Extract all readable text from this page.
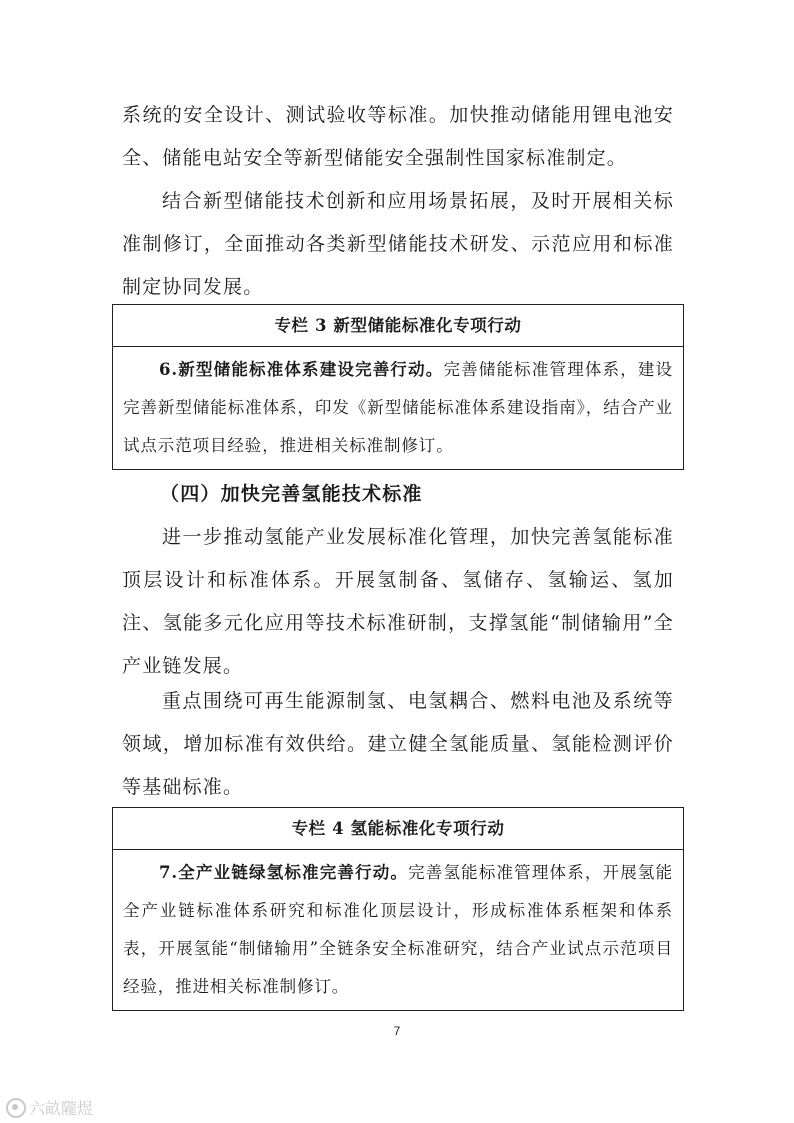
系统的安全设计、测试验收等标准。加快推动储能用锂电池安全、储能电站安全等新型储能安全强制性国家标准制定。

结合新型储能技术创新和应用场景拓展，及时开展相关标准制修订，全面推动各类新型储能技术研发、示范应用和标准制定协同发展。

专栏 3 新型储能标准化专项行动
6.新型储能标准体系建设完善行动。完善储能标准管理体系，建设完善新型储能标准体系，印发《新型储能标准体系建设指南》，结合产业试点示范项目经验，推进相关标准制修订。

（四）加快完善氢能技术标准

进一步推动氢能产业发展标准化管理，加快完善氢能标准顶层设计和标准体系。开展氢制备、氢储存、氢输运、氢加注、氢能多元化应用等技术标准研制，支撑氢能“制储输用”全产业链发展。

重点围绕可再生能源制氢、电氢耦合、燃料电池及系统等领域，增加标准有效供给。建立健全氢能质量、氢能检测评价等基础标准。

专栏 4 氢能标准化专项行动
7.全产业链绿氢标准完善行动。完善氢能标准管理体系，开展氢能全产业链标准体系研究和标准化顶层设计，形成标准体系框架和体系表，开展氢能“制储输用”全链条安全标准研究，结合产业试点示范项目经验，推进相关标准制修订。
7
六畝隴煜
